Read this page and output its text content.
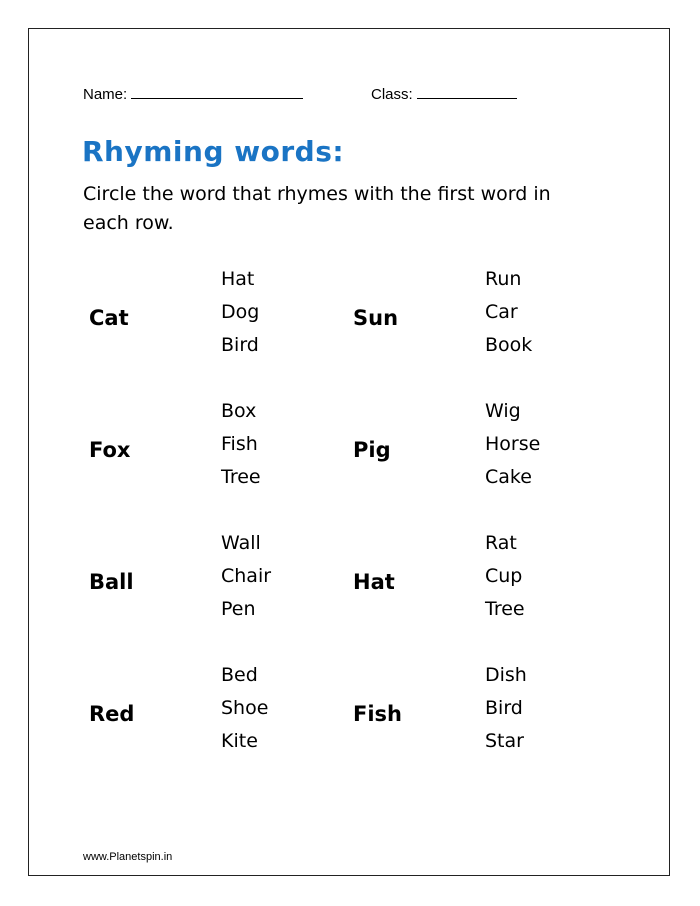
Name:	Class:
Rhyming words:
Circle the word that rhymes with the first word in each row.
Cat
Hat
Dog
Bird
Sun
Run
Car
Book
Fox
Box
Fish
Tree
Pig
Wig
Horse
Cake
Ball
Wall
Chair
Pen
Hat
Rat
Cup
Tree
Red
Bed
Shoe
Kite
Fish
Dish
Bird
Star
www.Planetspin.in
